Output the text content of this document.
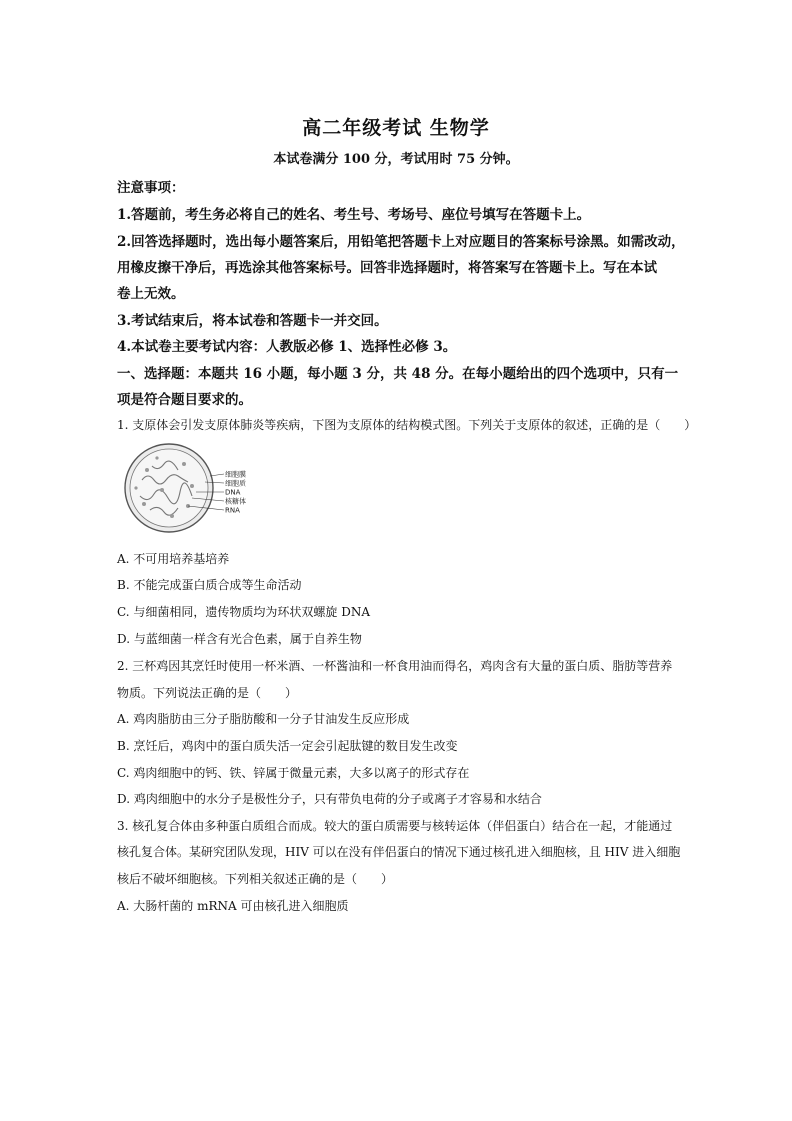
高二年级考试 生物学
本试卷满分 100 分，考试用时 75 分钟。
注意事项：
1.答题前，考生务必将自己的姓名、考生号、考场号、座位号填写在答题卡上。
2.回答选择题时，选出每小题答案后，用铅笔把答题卡上对应题目的答案标号涂黑。如需改动，
用橡皮擦干净后，再选涂其他答案标号。回答非选择题时，将答案写在答题卡上。写在本试
卷上无效。
3.考试结束后，将本试卷和答题卡一并交回。
4.本试卷主要考试内容：人教版必修 1、选择性必修 3。
一、选择题：本题共 16 小题，每小题 3 分，共 48 分。在每小题给出的四个选项中，只有一
项是符合题目要求的。
1. 支原体会引发支原体肺炎等疾病，下图为支原体的结构模式图。下列关于支原体的叙述，正确的是（　　）
细胞膜
细胞质
DNA
核糖体
RNA
A. 不可用培养基培养
B. 不能完成蛋白质合成等生命活动
C. 与细菌相同，遗传物质均为环状双螺旋 DNA
D. 与蓝细菌一样含有光合色素，属于自养生物
2. 三杯鸡因其烹饪时使用一杯米酒、一杯酱油和一杯食用油而得名，鸡肉含有大量的蛋白质、脂肪等营养
物质。下列说法正确的是（　　）
A. 鸡肉脂肪由三分子脂肪酸和一分子甘油发生反应形成
B. 烹饪后，鸡肉中的蛋白质失活一定会引起肽键的数目发生改变
C. 鸡肉细胞中的钙、铁、锌属于微量元素，大多以离子的形式存在
D. 鸡肉细胞中的水分子是极性分子，只有带负电荷的分子或离子才容易和水结合
3. 核孔复合体由多种蛋白质组合而成。较大的蛋白质需要与核转运体（伴侣蛋白）结合在一起，才能通过
核孔复合体。某研究团队发现，HIV 可以在没有伴侣蛋白的情况下通过核孔进入细胞核，且 HIV 进入细胞
核后不破坏细胞核。下列相关叙述正确的是（　　）
A. 大肠杆菌的 mRNA 可由核孔进入细胞质
